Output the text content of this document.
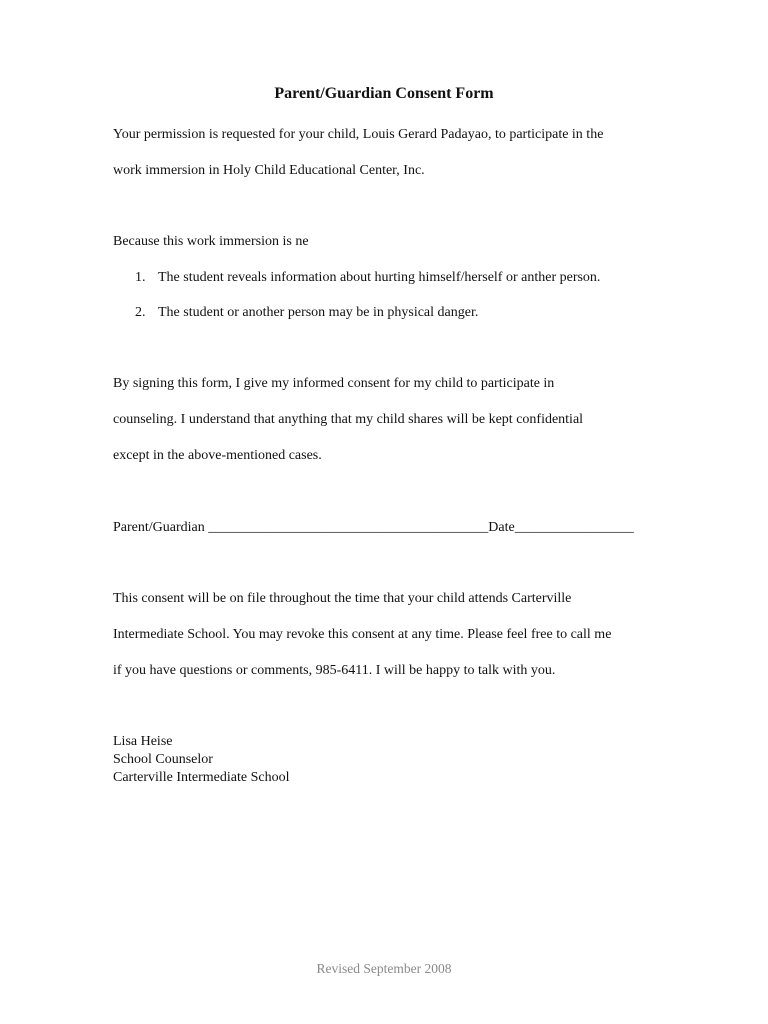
Parent/Guardian Consent Form
Your permission is requested for your child, Louis Gerard Padayao, to participate in the
work immersion in Holy Child Educational Center, Inc.
Because this work immersion is ne
1. The student reveals information about hurting himself/herself or anther person.
2. The student or another person may be in physical danger.
By signing this form, I give my informed consent for my child to participate in
counseling. I understand that anything that my child shares will be kept confidential
except in the above-mentioned cases.
Parent/Guardian ________________________________________Date_________________
This consent will be on file throughout the time that your child attends Carterville
Intermediate School. You may revoke this consent at any time. Please feel free to call me
if you have questions or comments, 985-6411. I will be happy to talk with you.
Lisa Heise
School Counselor
Carterville Intermediate School
Revised September 2008
